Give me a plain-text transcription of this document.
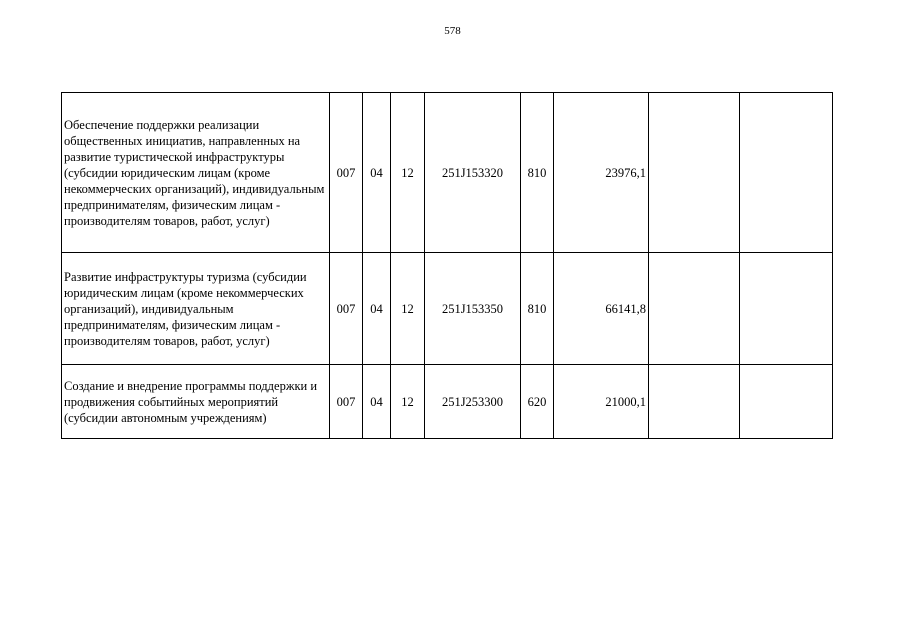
578
Обеспечение поддержки реализации общественных инициатив, направленных на развитие туристической инфраструктуры (субсидии юридическим лицам (кроме некоммерческих организаций), индивидуальным предпринимателям, физическим лицам - производителям товаров, работ, услуг)	007	04	12	251J153320	810	23976,1		
Развитие инфраструктуры туризма (субсидии юридическим лицам (кроме некоммерческих организаций), индивидуальным предпринимателям, физическим лицам - производителям товаров, работ, услуг)	007	04	12	251J153350	810	66141,8		
Создание и внедрение программы поддержки и продвижения событийных мероприятий (субсидии автономным учреждениям)	007	04	12	251J253300	620	21000,1		
